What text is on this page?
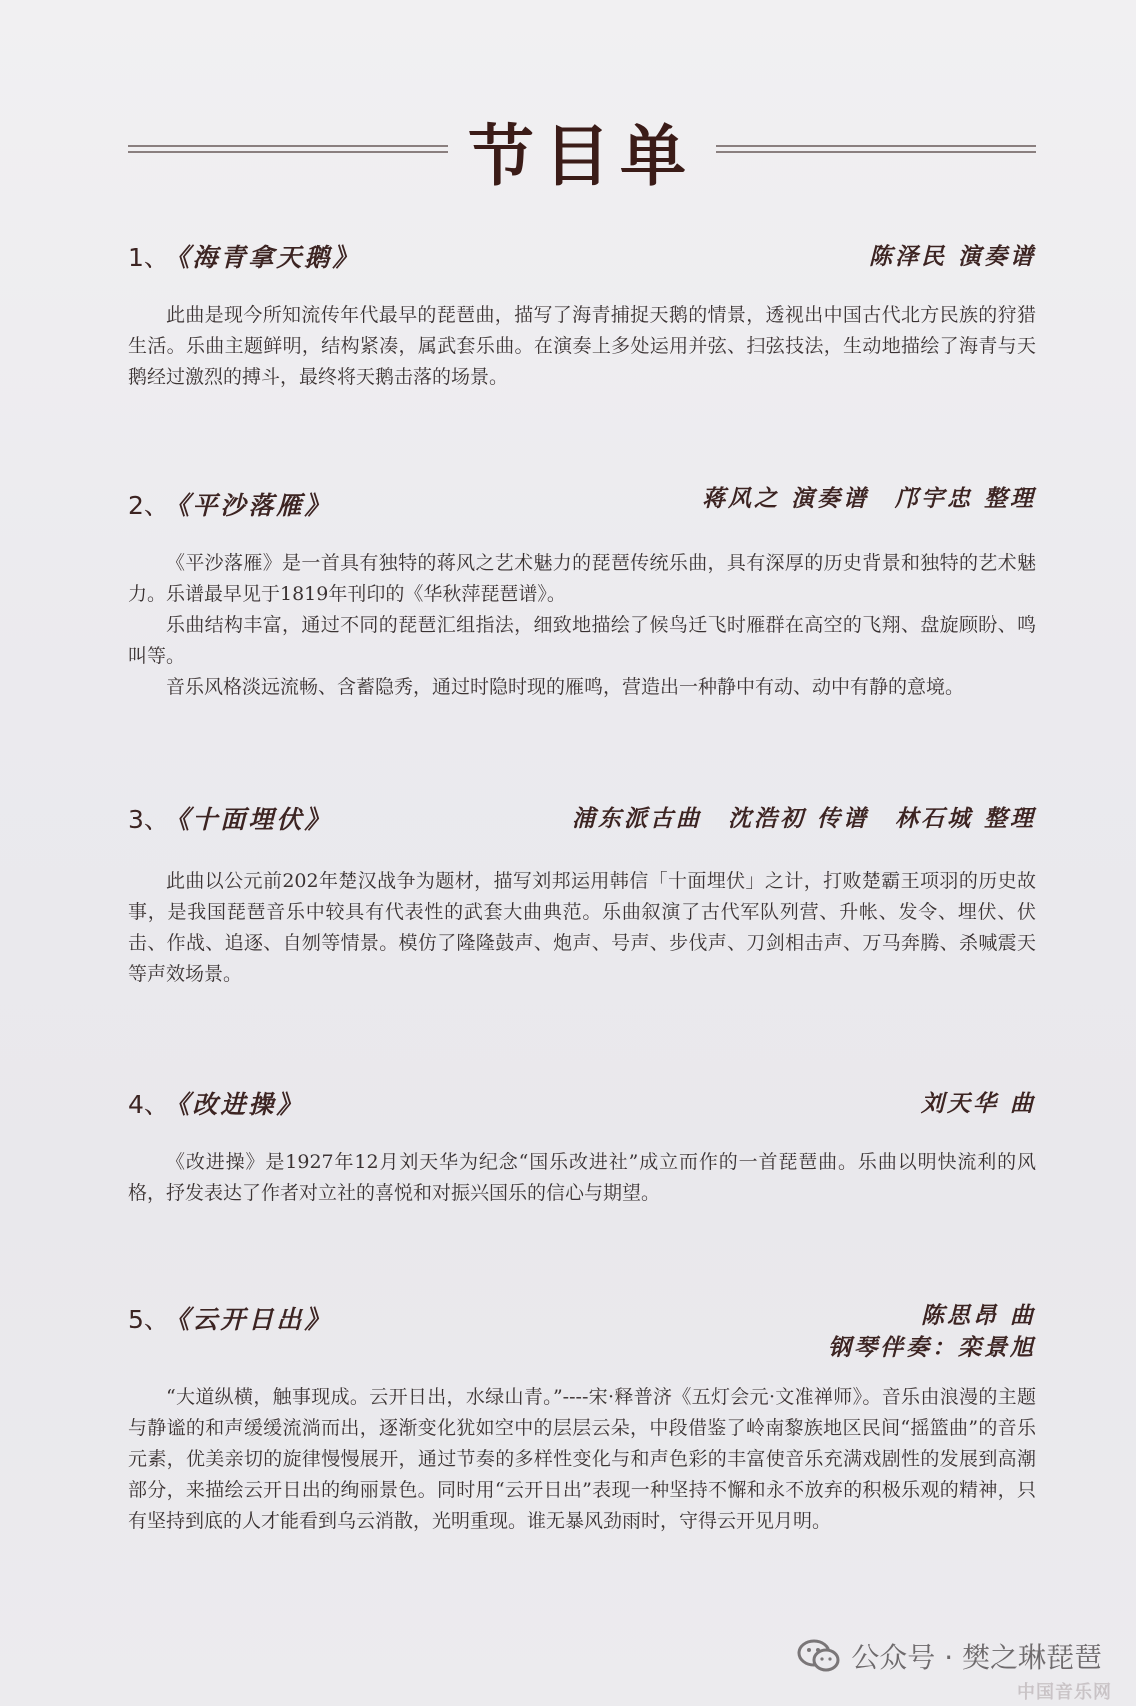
节目单
1、 《海青拿天鹅》	陈泽民 演奏谱

此曲是现今所知流传年代最早的琵琶曲，描写了海青捕捉天鹅的情景，透视出中国古代北方民族的狩猎生活。乐曲主题鲜明，结构紧凑，属武套乐曲。在演奏上多处运用并弦、扫弦技法，生动地描绘了海青与天鹅经过激烈的搏斗，最终将天鹅击落的场景。

2、 《平沙落雁》	蒋风之 演奏谱　邝宇忠 整理

《平沙落雁》是一首具有独特的蒋风之艺术魅力的琵琶传统乐曲，具有深厚的历史背景和独特的艺术魅力。乐谱最早见于1819年刊印的《华秋萍琵琶谱》。

乐曲结构丰富，通过不同的琵琶汇组指法，细致地描绘了候鸟迁飞时雁群在高空的飞翔、盘旋顾盼、鸣叫等。

音乐风格淡远流畅、含蓄隐秀，通过时隐时现的雁鸣，营造出一种静中有动、动中有静的意境。

3、 《十面埋伏》	浦东派古曲　沈浩初 传谱　林石城 整理

此曲以公元前202年楚汉战争为题材，描写刘邦运用韩信「十面埋伏」之计，打败楚霸王项羽的历史故事，是我国琵琶音乐中较具有代表性的武套大曲典范。乐曲叙演了古代军队列营、升帐、发令、埋伏、伏击、作战、追逐、自刎等情景。模仿了隆隆鼓声、炮声、号声、步伐声、刀剑相击声、万马奔腾、杀喊震天等声效场景。

4、 《改进操》	刘天华 曲

《改进操》是1927年12月刘天华为纪念“国乐改进社”成立而作的一首琵琶曲。乐曲以明快流利的风格，抒发表达了作者对立社的喜悦和对振兴国乐的信心与期望。

5、 《云开日出》	陈思昂 曲
钢琴伴奏：栾景旭

“大道纵横，触事现成。云开日出，水绿山青。”----宋·释普济《五灯会元·文准禅师》。音乐由浪漫的主题与静谧的和声缓缓流淌而出，逐渐变化犹如空中的层层云朵，中段借鉴了岭南黎族地区民间“摇篮曲”的音乐元素，优美亲切的旋律慢慢展开，通过节奏的多样性变化与和声色彩的丰富使音乐充满戏剧性的发展到高潮部分，来描绘云开日出的绚丽景色。同时用“云开日出”表现一种坚持不懈和永不放弃的积极乐观的精神，只有坚持到底的人才能看到乌云消散，光明重现。谁无暴风劲雨时，守得云开见月明。

公众号 · 樊之琳琵琶
中国音乐网
